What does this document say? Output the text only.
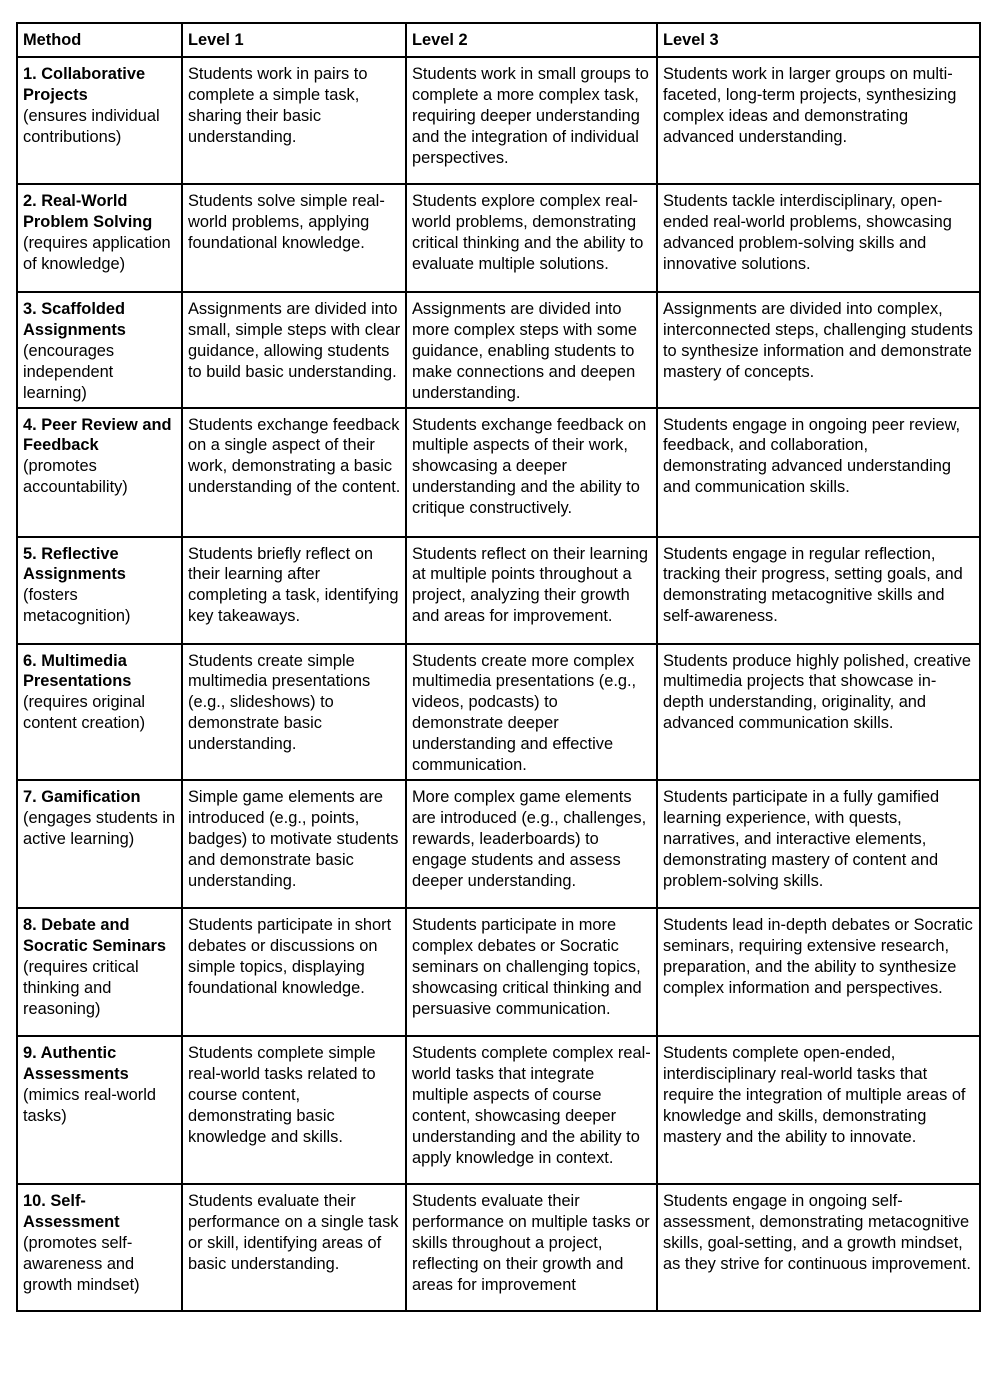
Method	Level 1	Level 2	Level 3

1. Collaborative Projects
(ensures individual contributions)	Students work in pairs to complete a simple task, sharing their basic understanding.	Students work in small groups to complete a more complex task, requiring deeper understanding and the integration of individual perspectives.	Students work in larger groups on multi-faceted, long-term projects, synthesizing complex ideas and demonstrating advanced understanding.

2. Real-World Problem Solving
(requires application of knowledge)	Students solve simple real-world problems, applying foundational knowledge.	Students explore complex real-world problems, demonstrating critical thinking and the ability to evaluate multiple solutions.	Students tackle interdisciplinary, open-ended real-world problems, showcasing advanced problem-solving skills and innovative solutions.

3. Scaffolded Assignments
(encourages independent learning)	Assignments are divided into small, simple steps with clear guidance, allowing students to build basic understanding.	Assignments are divided into more complex steps with some guidance, enabling students to make connections and deepen understanding.	Assignments are divided into complex, interconnected steps, challenging students to synthesize information and demonstrate mastery of concepts.

4. Peer Review and Feedback
(promotes accountability)	Students exchange feedback on a single aspect of their work, demonstrating a basic understanding of the content.	Students exchange feedback on multiple aspects of their work, showcasing a deeper understanding and the ability to critique constructively.	Students engage in ongoing peer review, feedback, and collaboration, demonstrating advanced understanding and communication skills.

5. Reflective Assignments
(fosters metacognition)	Students briefly reflect on their learning after completing a task, identifying key takeaways.	Students reflect on their learning at multiple points throughout a project, analyzing their growth and areas for improvement.	Students engage in regular reflection, tracking their progress, setting goals, and demonstrating metacognitive skills and self-awareness.

6. Multimedia Presentations
(requires original content creation)	Students create simple multimedia presentations (e.g., slideshows) to demonstrate basic understanding.	Students create more complex multimedia presentations (e.g., videos, podcasts) to demonstrate deeper understanding and effective communication.	Students produce highly polished, creative multimedia projects that showcase in-depth understanding, originality, and advanced communication skills.

7. Gamification
(engages students in active learning)	Simple game elements are introduced (e.g., points, badges) to motivate students and demonstrate basic understanding.	More complex game elements are introduced (e.g., challenges, rewards, leaderboards) to engage students and assess deeper understanding.	Students participate in a fully gamified learning experience, with quests, narratives, and interactive elements, demonstrating mastery of content and problem-solving skills.

8. Debate and Socratic Seminars
(requires critical thinking and reasoning)	Students participate in short debates or discussions on simple topics, displaying foundational knowledge.	Students participate in more complex debates or Socratic seminars on challenging topics, showcasing critical thinking and persuasive communication.	Students lead in-depth debates or Socratic seminars, requiring extensive research, preparation, and the ability to synthesize complex information and perspectives.

9. Authentic Assessments
(mimics real-world tasks)	Students complete simple real-world tasks related to course content, demonstrating basic knowledge and skills.	Students complete complex real-world tasks that integrate multiple aspects of course content, showcasing deeper understanding and the ability to apply knowledge in context.	Students complete open-ended, interdisciplinary real-world tasks that require the integration of multiple areas of knowledge and skills, demonstrating mastery and the ability to innovate.

10. Self-Assessment
(promotes self-awareness and growth mindset)	Students evaluate their performance on a single task or skill, identifying areas of basic understanding.	Students evaluate their performance on multiple tasks or skills throughout a project, reflecting on their growth and areas for improvement	Students engage in ongoing self-assessment, demonstrating metacognitive skills, goal-setting, and a growth mindset, as they strive for continuous improvement.
